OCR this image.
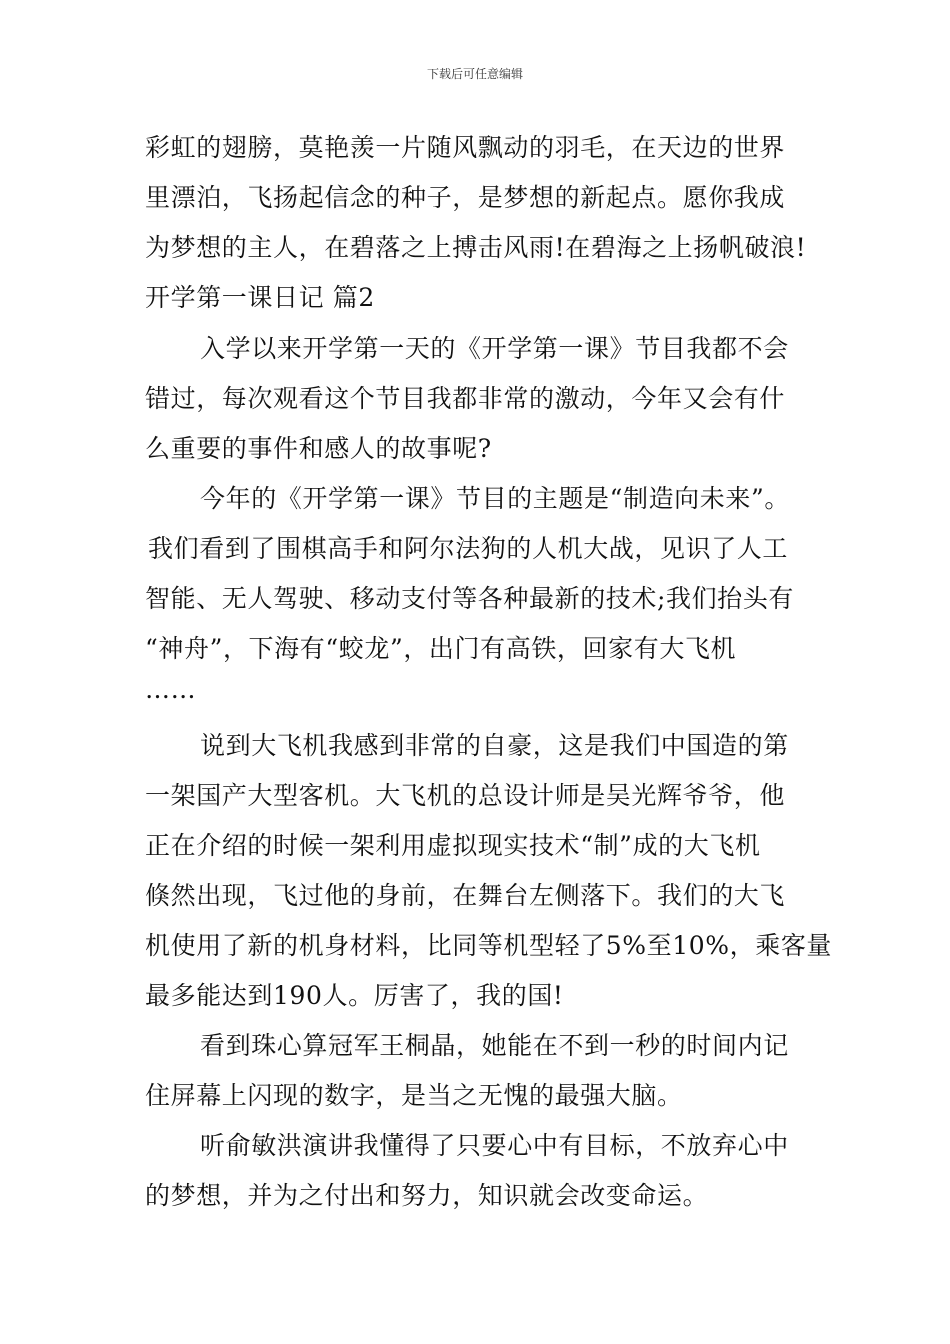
下载后可任意编辑
彩虹的翅膀，莫艳羡一片随风飘动的羽毛，在天边的世界
里漂泊，飞扬起信念的种子，是梦想的新起点。愿你我成
为梦想的主人，在碧落之上搏击风雨!在碧海之上扬帆破浪!
开学第一课日记 篇2
入学以来开学第一天的《开学第一课》节目我都不会
错过，每次观看这个节目我都非常的激动，今年又会有什
么重要的事件和感人的故事呢?
今年的《开学第一课》节目的主题是“制造向未来”。
我们看到了围棋高手和阿尔法狗的人机大战，见识了人工
智能、无人驾驶、移动支付等各种最新的技术;我们抬头有
“神舟”，下海有“蛟龙”，出门有高铁，回家有大飞机
……
说到大飞机我感到非常的自豪，这是我们中国造的第
一架国产大型客机。大飞机的总设计师是吴光辉爷爷，他
正在介绍的时候一架利用虚拟现实技术“制”成的大飞机
倏然出现，飞过他的身前，在舞台左侧落下。我们的大飞
机使用了新的机身材料，比同等机型轻了5%至10%，乘客量
最多能达到190人。厉害了，我的国!
看到珠心算冠军王桐晶，她能在不到一秒的时间内记
住屏幕上闪现的数字，是当之无愧的最强大脑。
听俞敏洪演讲我懂得了只要心中有目标，不放弃心中
的梦想，并为之付出和努力，知识就会改变命运。
